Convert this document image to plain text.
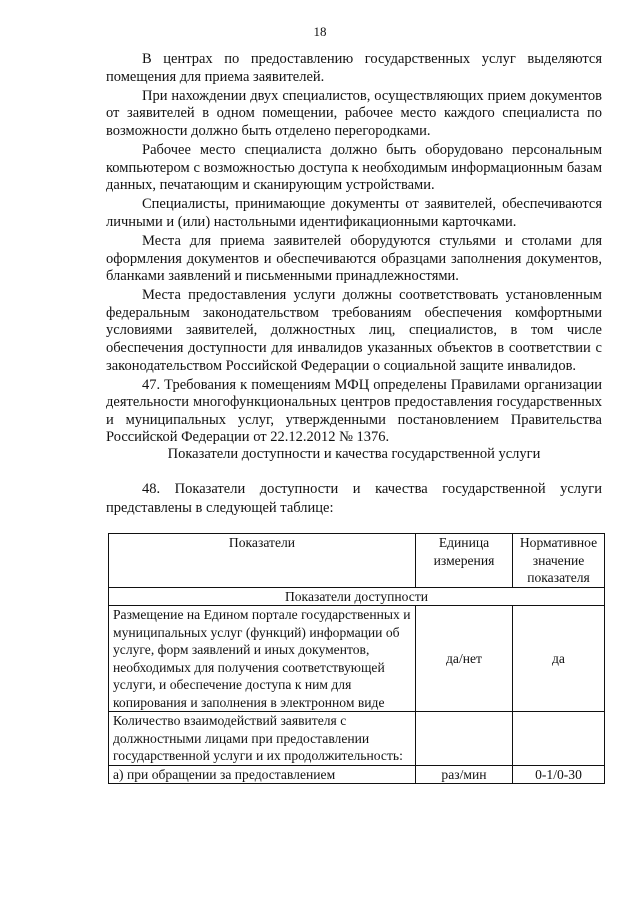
18

В центрах по предоставлению государственных услуг выделяются помещения для приема заявителей.

При нахождении двух специалистов, осуществляющих прием документов от заявителей в одном помещении, рабочее место каждого специалиста по возможности должно быть отделено перегородками.

Рабочее место специалиста должно быть оборудовано персональным компьютером с возможностью доступа к необходимым информационным базам данных, печатающим и сканирующим устройствами.

Специалисты, принимающие документы от заявителей, обеспечиваются личными и (или) настольными идентификационными карточками.

Места для приема заявителей оборудуются стульями и столами для оформления документов и обеспечиваются образцами заполнения документов, бланками заявлений и письменными принадлежностями.

Места предоставления услуги должны соответствовать установленным федеральным законодательством требованиям обеспечения комфортными условиями заявителей, должностных лиц, специалистов, в том числе обеспечения доступности для инвалидов указанных объектов в соответствии с законодательством Российской Федерации о социальной защите инвалидов.

47. Требования к помещениям МФЦ определены Правилами организации деятельности многофункциональных центров предоставления государственных и муниципальных услуг, утвержденными постановлением Правительства Российской Федерации от 22.12.2012 № 1376.

Показатели доступности и качества государственной услуги

48. Показатели доступности и качества государственной услуги представлены в следующей таблице:

Показатели	Единица измерения	Нормативное значение показателя
Показатели доступности		
Размещение на Едином портале государственных и муниципальных услуг (функций) информации об услуге, форм заявлений и иных документов, необходимых для получения соответствующей услуги, и обеспечение доступа к ним для копирования и заполнения в электронном виде	да/нет	да
Количество взаимодействий заявителя с должностными лицами при предоставлении государственной услуги и их продолжительность:		
а) при обращении за предоставлением	раз/мин	0-1/0-30
